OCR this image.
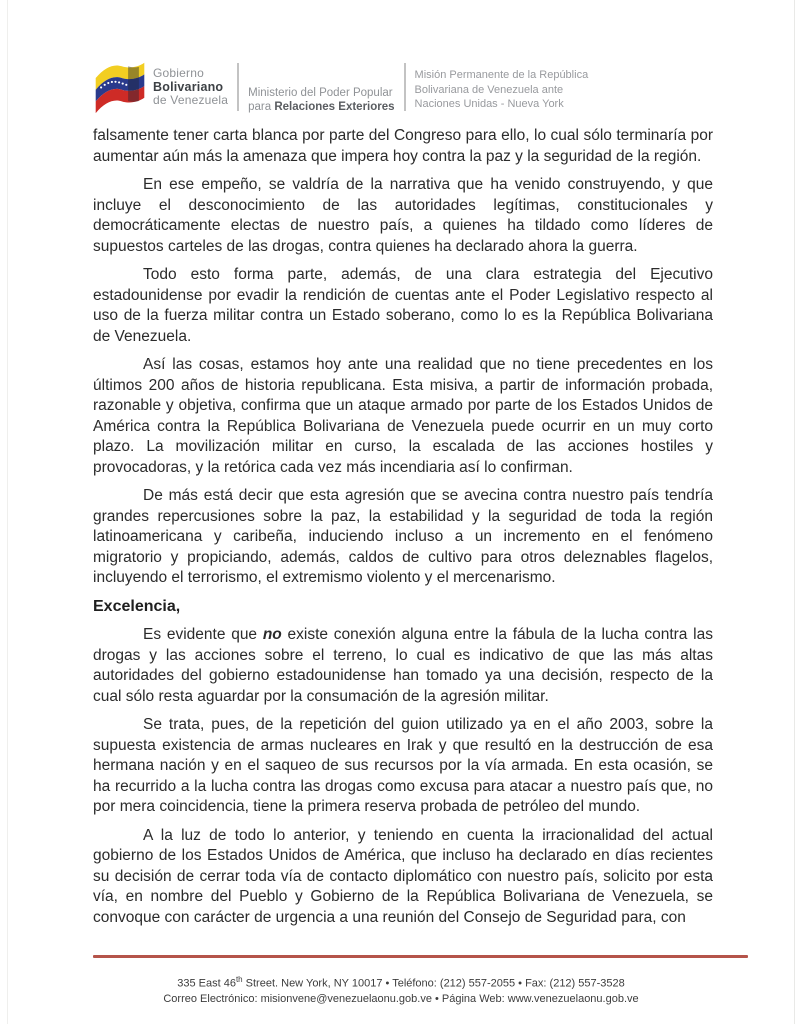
Gobierno
Bolivariano
de Venezuela Ministerio del Poder Popular
para Relaciones Exteriores
Misión Permanente de la República
Bolivariana de Venezuela ante
Naciones Unidas - Nueva York

falsamente tener carta blanca por parte del Congreso para ello, lo cual sólo terminaría por aumentar aún más la amenaza que impera hoy contra la paz y la seguridad de la región.

En ese empeño, se valdría de la narrativa que ha venido construyendo, y que incluye el desconocimiento de las autoridades legítimas, constitucionales y democráticamente electas de nuestro país, a quienes ha tildado como líderes de supuestos carteles de las drogas, contra quienes ha declarado ahora la guerra.

Todo esto forma parte, además, de una clara estrategia del Ejecutivo estadounidense por evadir la rendición de cuentas ante el Poder Legislativo respecto al uso de la fuerza militar contra un Estado soberano, como lo es la República Bolivariana de Venezuela.

Así las cosas, estamos hoy ante una realidad que no tiene precedentes en los últimos 200 años de historia republicana. Esta misiva, a partir de información probada, razonable y objetiva, confirma que un ataque armado por parte de los Estados Unidos de América contra la República Bolivariana de Venezuela puede ocurrir en un muy corto plazo. La movilización militar en curso, la escalada de las acciones hostiles y provocadoras, y la retórica cada vez más incendiaria así lo confirman.

De más está decir que esta agresión que se avecina contra nuestro país tendría grandes repercusiones sobre la paz, la estabilidad y la seguridad de toda la región latinoamericana y caribeña, induciendo incluso a un incremento en el fenómeno migratorio y propiciando, además, caldos de cultivo para otros deleznables flagelos, incluyendo el terrorismo, el extremismo violento y el mercenarismo.

Excelencia,

Es evidente que no existe conexión alguna entre la fábula de la lucha contra las drogas y las acciones sobre el terreno, lo cual es indicativo de que las más altas autoridades del gobierno estadounidense han tomado ya una decisión, respecto de la cual sólo resta aguardar por la consumación de la agresión militar.

Se trata, pues, de la repetición del guion utilizado ya en el año 2003, sobre la supuesta existencia de armas nucleares en Irak y que resultó en la destrucción de esa hermana nación y en el saqueo de sus recursos por la vía armada. En esta ocasión, se ha recurrido a la lucha contra las drogas como excusa para atacar a nuestro país que, no por mera coincidencia, tiene la primera reserva probada de petróleo del mundo.

A la luz de todo lo anterior, y teniendo en cuenta la irracionalidad del actual gobierno de los Estados Unidos de América, que incluso ha declarado en días recientes su decisión de cerrar toda vía de contacto diplomático con nuestro país, solicito por esta vía, en nombre del Pueblo y Gobierno de la República Bolivariana de Venezuela, se convoque con carácter de urgencia a una reunión del Consejo de Seguridad para, con

335 East 46th Street. New York, NY 10017 • Teléfono: (212) 557-2055 • Fax: (212) 557-3528
Correo Electrónico: misionvene@venezuelaonu.gob.ve • Página Web: www.venezuelaonu.gob.ve
